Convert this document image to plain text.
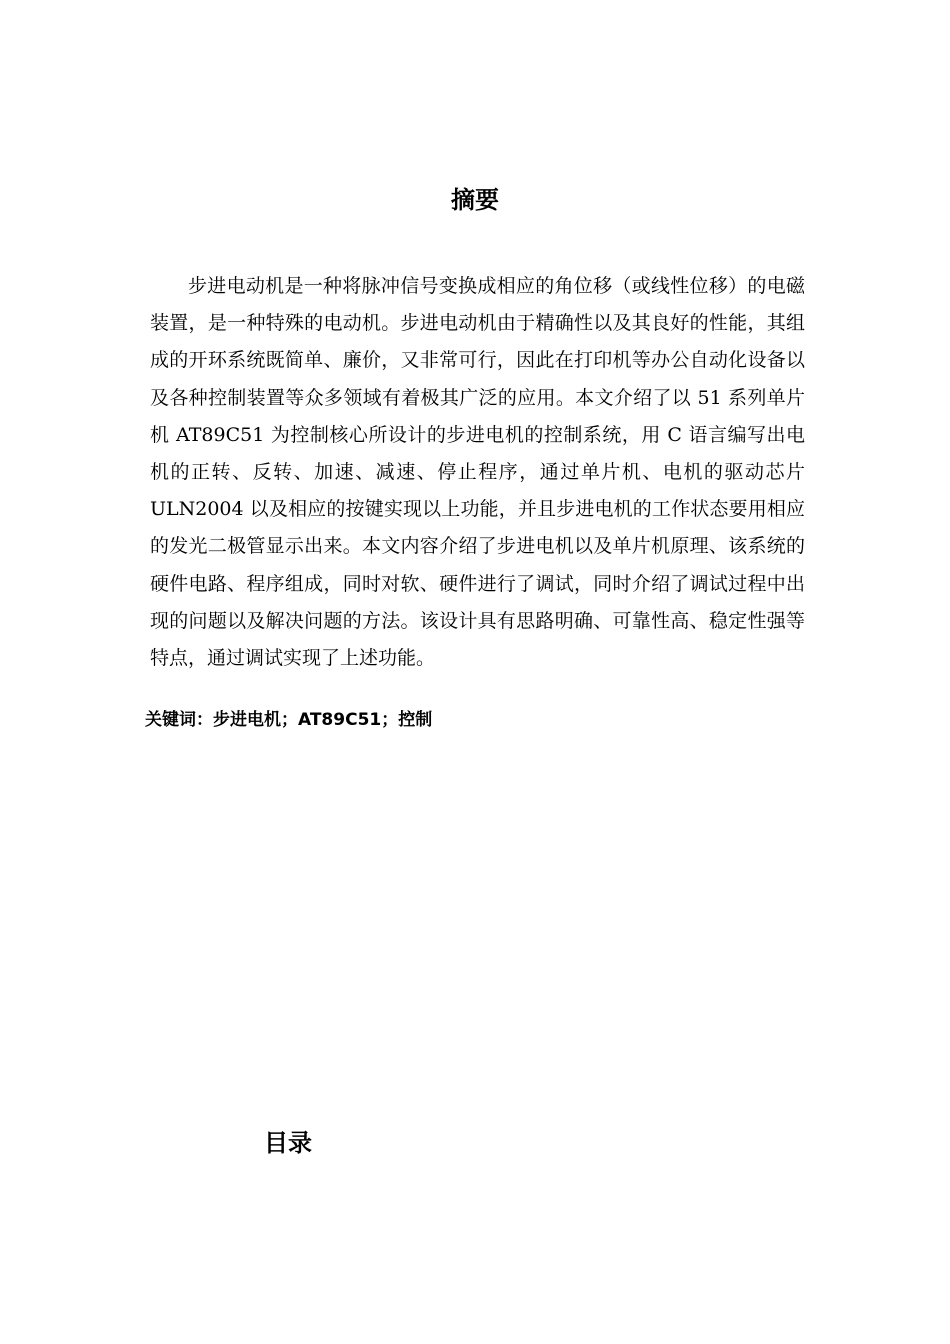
摘要

步进电动机是一种将脉冲信号变换成相应的角位移（或线性位移）的电磁装置，是一种特殊的电动机。步进电动机由于精确性以及其良好的性能，其组成的开环系统既简单、廉价，又非常可行，因此在打印机等办公自动化设备以及各种控制装置等众多领域有着极其广泛的应用。本文介绍了以 51 系列单片机 AT89C51 为控制核心所设计的步进电机的控制系统，用 C 语言编写出电机的正转、反转、加速、减速、停止程序，通过单片机、电机的驱动芯片 ULN2004 以及相应的按键实现以上功能，并且步进电机的工作状态要用相应的发光二极管显示出来。本文内容介绍了步进电机以及单片机原理、该系统的硬件电路、程序组成，同时对软、硬件进行了调试，同时介绍了调试过程中出现的问题以及解决问题的方法。该设计具有思路明确、可靠性高、稳定性强等特点，通过调试实现了上述功能。

关键词：步进电机；AT89C51；控制
目录
